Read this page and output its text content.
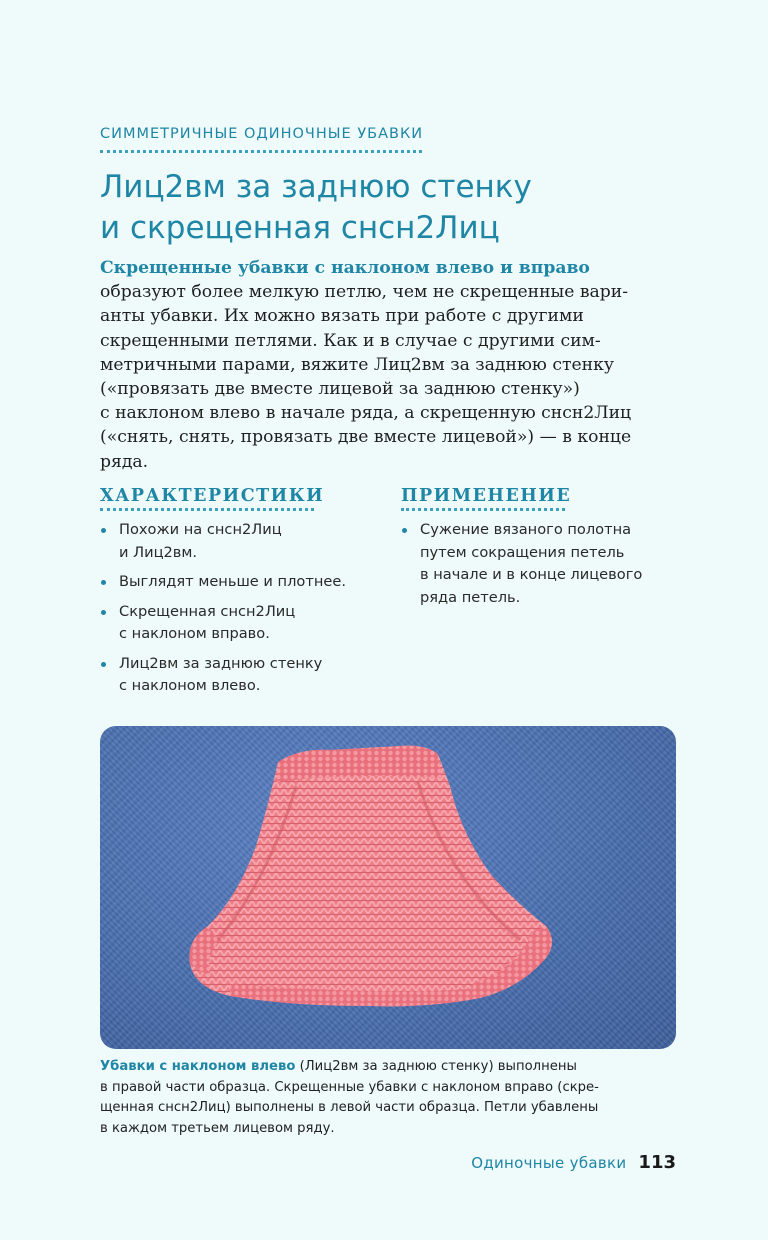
СИММЕТРИЧНЫЕ ОДИНОЧНЫЕ УБАВКИ
Лиц2вм за заднюю стенку
и скрещенная снсн2Лиц
Скрещенные убавки с наклоном влево и вправо
образуют более мелкую петлю, чем не скрещенные вари-
анты убавки. Их можно вязать при работе с другими
скрещенными петлями. Как и в случае с другими сим-
метричными парами, вяжите Лиц2вм за заднюю стенку
(«провязать две вместе лицевой за заднюю стенку»)
с наклоном влево в начале ряда, а скрещенную снсн2Лиц
(«снять, снять, провязать две вместе лицевой») — в конце
ряда.
ХАРАКТЕРИСТИКИ
Похожи на снсн2Лиц
и Лиц2вм.
Выглядят меньше и плотнее.
Скрещенная снсн2Лиц
с наклоном вправо.
Лиц2вм за заднюю стенку
с наклоном влево.
ПРИМЕНЕНИЕ
Сужение вязаного полотна
путем сокращения петель
в начале и в конце лицевого
ряда петель.
Убавки с наклоном влево (Лиц2вм за заднюю стенку) выполнены
в правой части образца. Скрещенные убавки с наклоном вправо (скре-
щенная снсн2Лиц) выполнены в левой части образца. Петли убавлены
в каждом третьем лицевом ряду.
Одиночные убавки 113
